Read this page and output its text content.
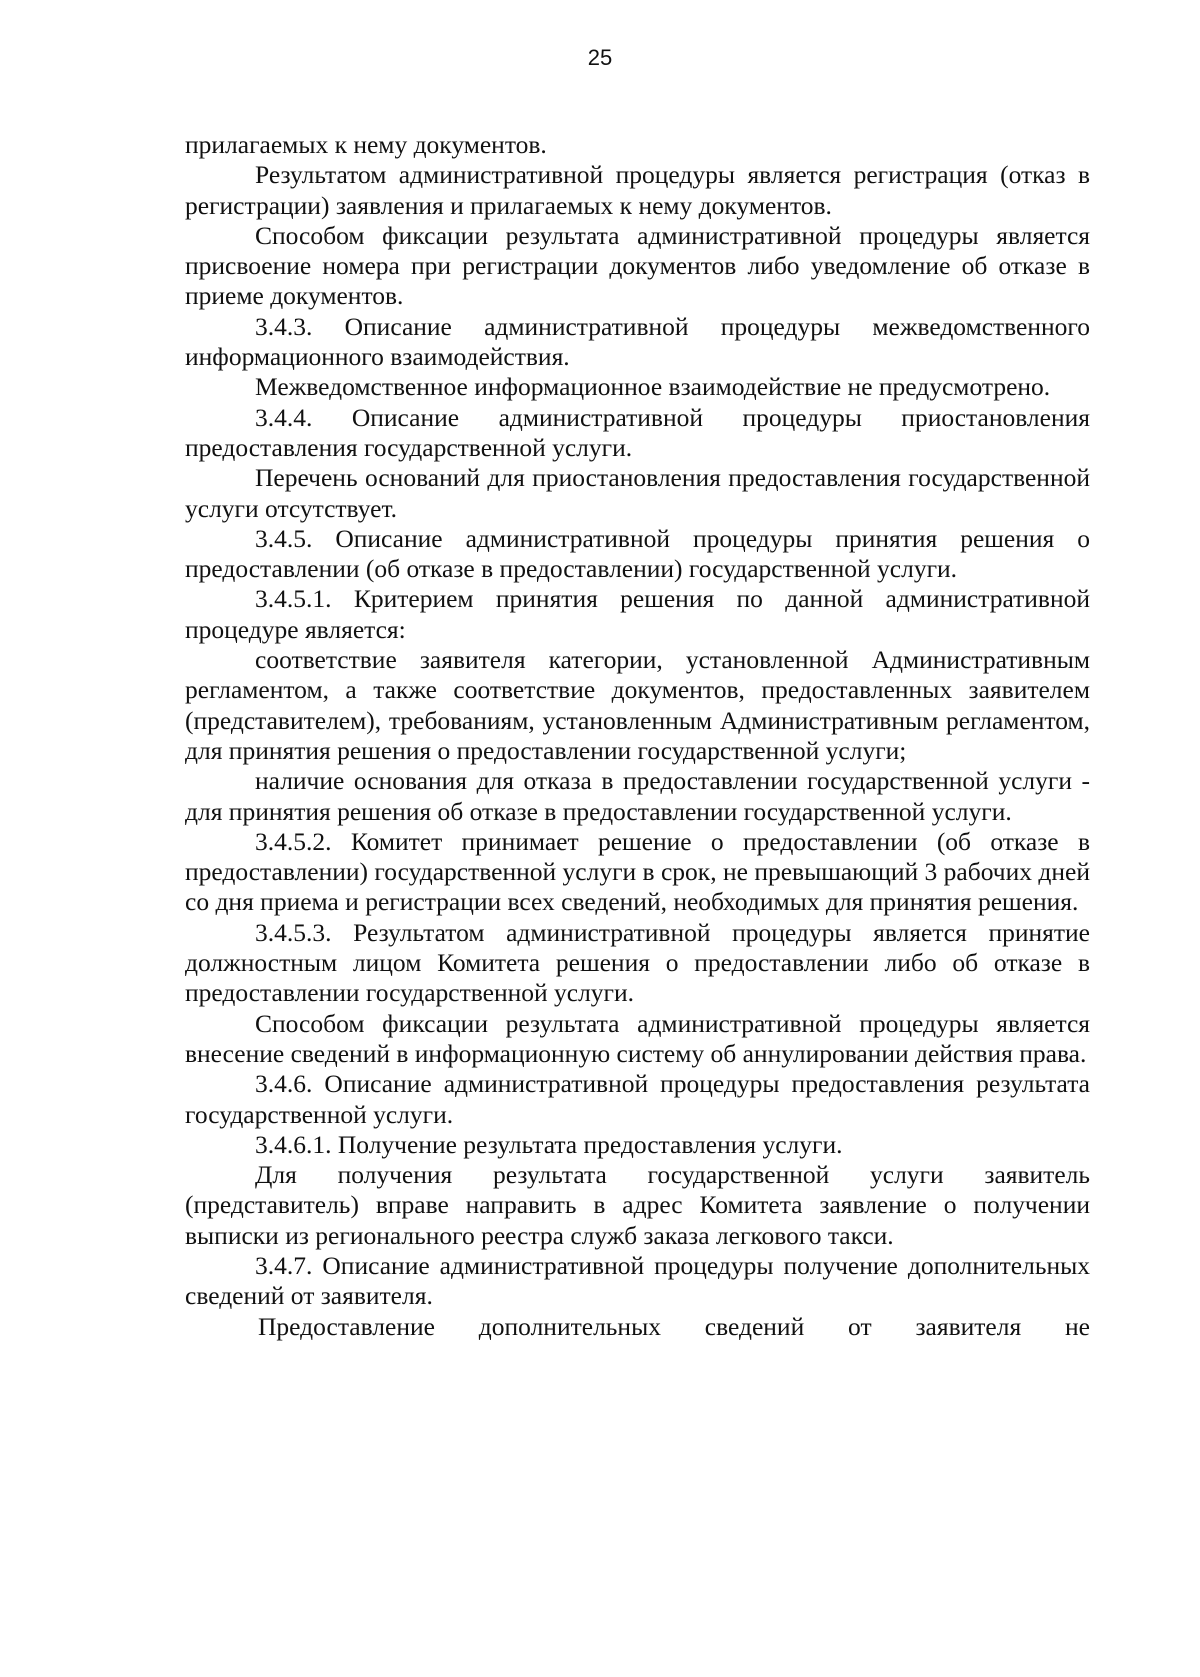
25

прилагаемых к нему документов.

Результатом административной процедуры является регистрация (отказ в регистрации) заявления и прилагаемых к нему документов.

Способом фиксации результата административной процедуры является присвоение номера при регистрации документов либо уведомление об отказе в приеме документов.

3.4.3. Описание административной процедуры межведомственного информационного взаимодействия.

Межведомственное информационное взаимодействие не предусмотрено.

3.4.4. Описание административной процедуры приостановления предоставления государственной услуги.

Перечень оснований для приостановления предоставления государственной услуги отсутствует.

3.4.5. Описание административной процедуры принятия решения о предоставлении (об отказе в предоставлении) государственной услуги.

3.4.5.1. Критерием принятия решения по данной административной процедуре является:

соответствие заявителя категории, установленной Административным регламентом, а также соответствие документов, предоставленных заявителем (представителем), требованиям, установленным Административным регламентом, для принятия решения о предоставлении государственной услуги;

наличие основания для отказа в предоставлении государственной услуги - для принятия решения об отказе в предоставлении государственной услуги.

3.4.5.2. Комитет принимает решение о предоставлении (об отказе в предоставлении) государственной услуги в срок, не превышающий 3 рабочих дней со дня приема и регистрации всех сведений, необходимых для принятия решения.

3.4.5.3. Результатом административной процедуры является принятие должностным лицом Комитета решения о предоставлении либо об отказе в предоставлении государственной услуги.

Способом фиксации результата административной процедуры является внесение сведений в информационную систему об аннулировании действия права.

3.4.6. Описание административной процедуры предоставления результата государственной услуги.

3.4.6.1. Получение результата предоставления услуги.

Для получения результата государственной услуги заявитель (представитель) вправе направить в адрес Комитета заявление о получении выписки из регионального реестра служб заказа легкового такси.

3.4.7. Описание административной процедуры получение дополнительных сведений от заявителя.

Предоставление дополнительных сведений от заявителя не
